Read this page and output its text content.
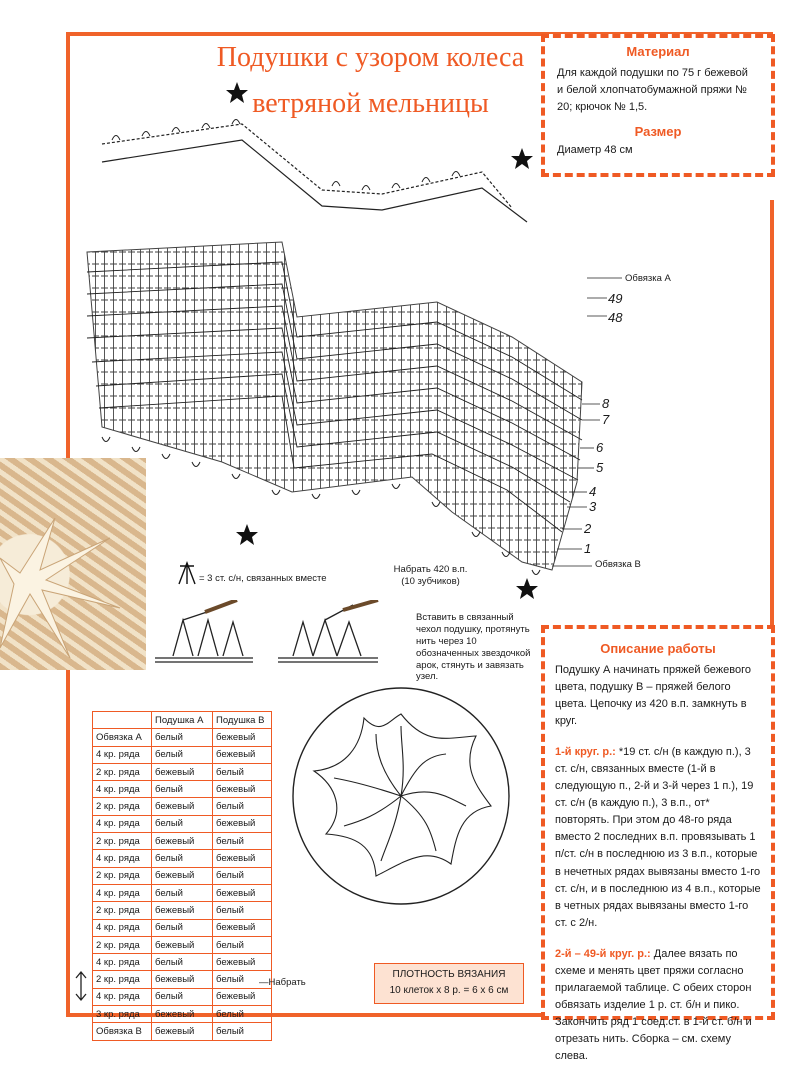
Подушки с узором колеса
ветряной мельницы
Материал
Для каждой подушки по 75 г бежевой и белой хлопчатобумажной пряжи № 20; крючок № 1,5.
Размер
Диаметр 48 см
Обвязка А
49
48
8
7
6
5
4
3
2
1
Обвязка В
= 3 ст. с/н, связанных вместе
Набрать 420 в.п. (10 зубчиков)
Вставить в связанный чехол подушку, протянуть нить через 10 обозначенных звездочкой арок, стянуть и завязать узел.
	Подушка А	Подушка В
Обвязка А	белый	бежевый
4 кр. ряда	белый	бежевый
2 кр. ряда	бежевый	белый
4 кр. ряда	белый	бежевый
2 кр. ряда	бежевый	белый
4 кр. ряда	белый	бежевый
2 кр. ряда	бежевый	белый
4 кр. ряда	белый	бежевый
2 кр. ряда	бежевый	белый
4 кр. ряда	белый	бежевый
2 кр. ряда	бежевый	белый
4 кр. ряда	белый	бежевый
2 кр. ряда	бежевый	белый
4 кр. ряда	белый	бежевый
2 кр. ряда	бежевый	белый
4 кр. ряда	белый	бежевый
3 кр. ряда	бежевый	белый
Обвязка В	бежевый	белый
—Набрать
ПЛОТНОСТЬ ВЯЗАНИЯ
10 клеток х 8 р. = 6 х 6 см
Описание работы
Подушку А начинать пряжей бежевого цвета, подушку В – пряжей белого цвета. Цепочку из 420 в.п. замкнуть в круг.
1-й круг. р.: *19 ст. с/н (в каждую п.), 3 ст. с/н, связанных вместе (1-й в следующую п., 2-й и 3-й через 1 п.), 19 ст. с/н (в каждую п.), 3 в.п., от* повторять. При этом до 48-го ряда вместо 2 последних в.п. провязывать 1 п/ст. с/н в последнюю из 3 в.п., которые в нечетных рядах вывязаны вместо 1-го ст. с/н, и в последнюю из 4 в.п., которые в четных рядах вывязаны вместо 1-го ст. с 2/н.
2-й – 49-й круг. р.: Далее вязать по схеме и менять цвет пряжи согласно прилагаемой таблице. С обеих сторон обвязать изделие 1 р. ст. б/н и пико. Закончить ряд 1 соед.ст. в 1-й ст. б/н и отрезать нить. Сборка – см. схему слева.
